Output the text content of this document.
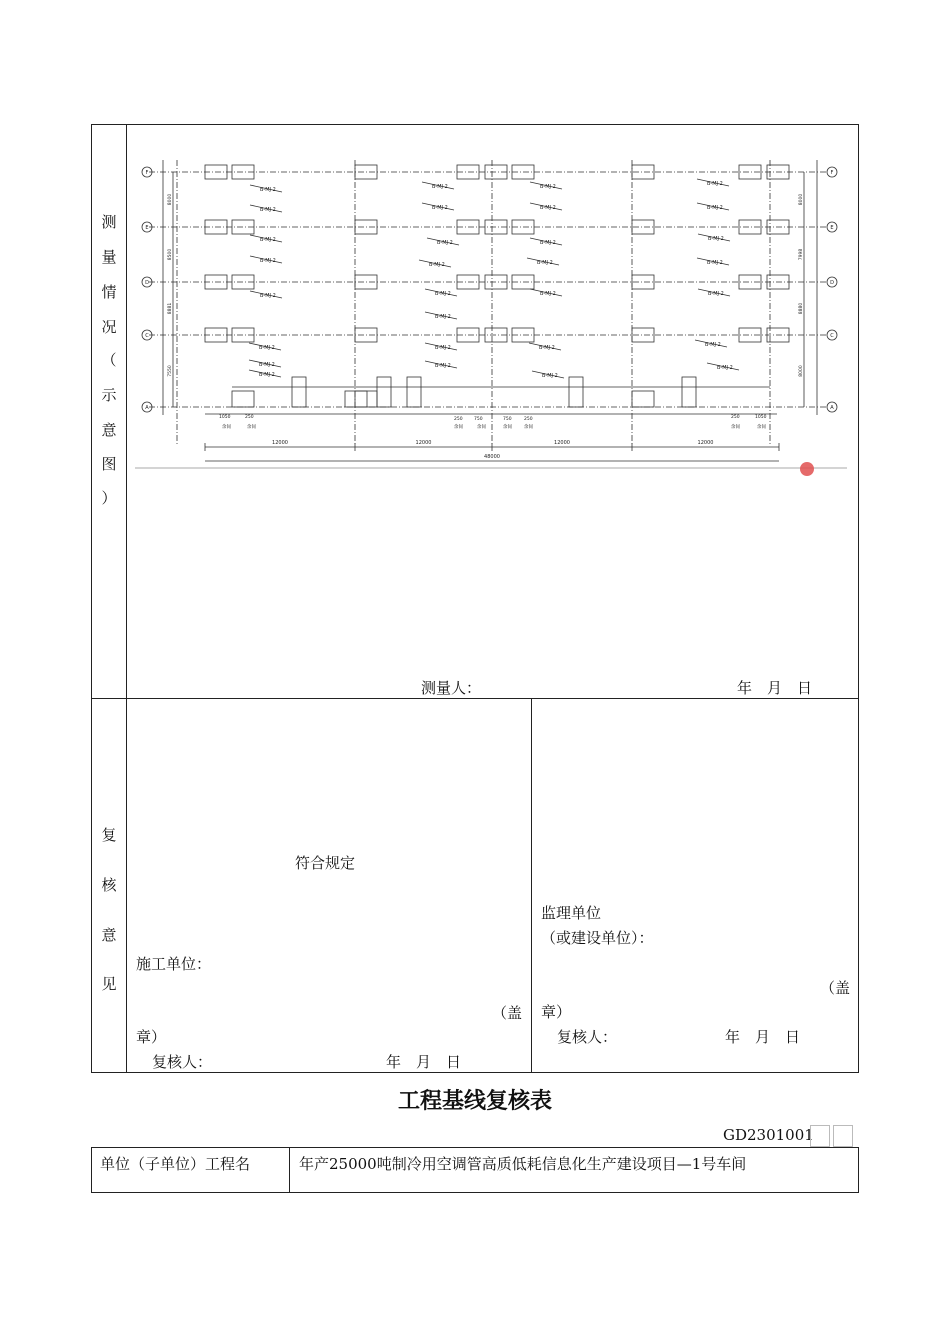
测
量
情
况
（
示
意
图
）
F	F
E	E
D	D
C	C
A	A
B-MJ-2
B-MJ-2
B-MJ-2
B-MJ-2
B-MJ-2
B-MJ-2
B-MJ-2
B-MJ-2
B-MJ-2
B-MJ-2
B-MJ-2
B-MJ-2
B-MJ-2
B-MJ-2
B-MJ-2
B-MJ-2
B-MJ-2
B-MJ-2
B-MJ-2
B-MJ-2
B-MJ-2
B-MJ-2	B-MJ-2	B-MJ-2
B-MJ-2
B-MJ-2
B-MJ-2	B-MJ-2
B-MJ-2
B-MJ-2
8000	8000
8500	7998
8881	8880
7550	8000
1050	250
余间	余间
250	750	750	250
余间	余间	余间	余间
250	1050
余间	余间
12000	12000	12000	12000
48000
测量人：	年　月　日
复
核
意
见
符合规定
施工单位：
（盖
章）
复核人：	年　月　日
监理单位
（或建设单位）：
（盖
章）
复核人：	年　月　日
工程基线复核表
GD2301001
单位（子单位）工程名	年产25000吨制冷用空调管高质低耗信息化生产建设项目—1号车间
